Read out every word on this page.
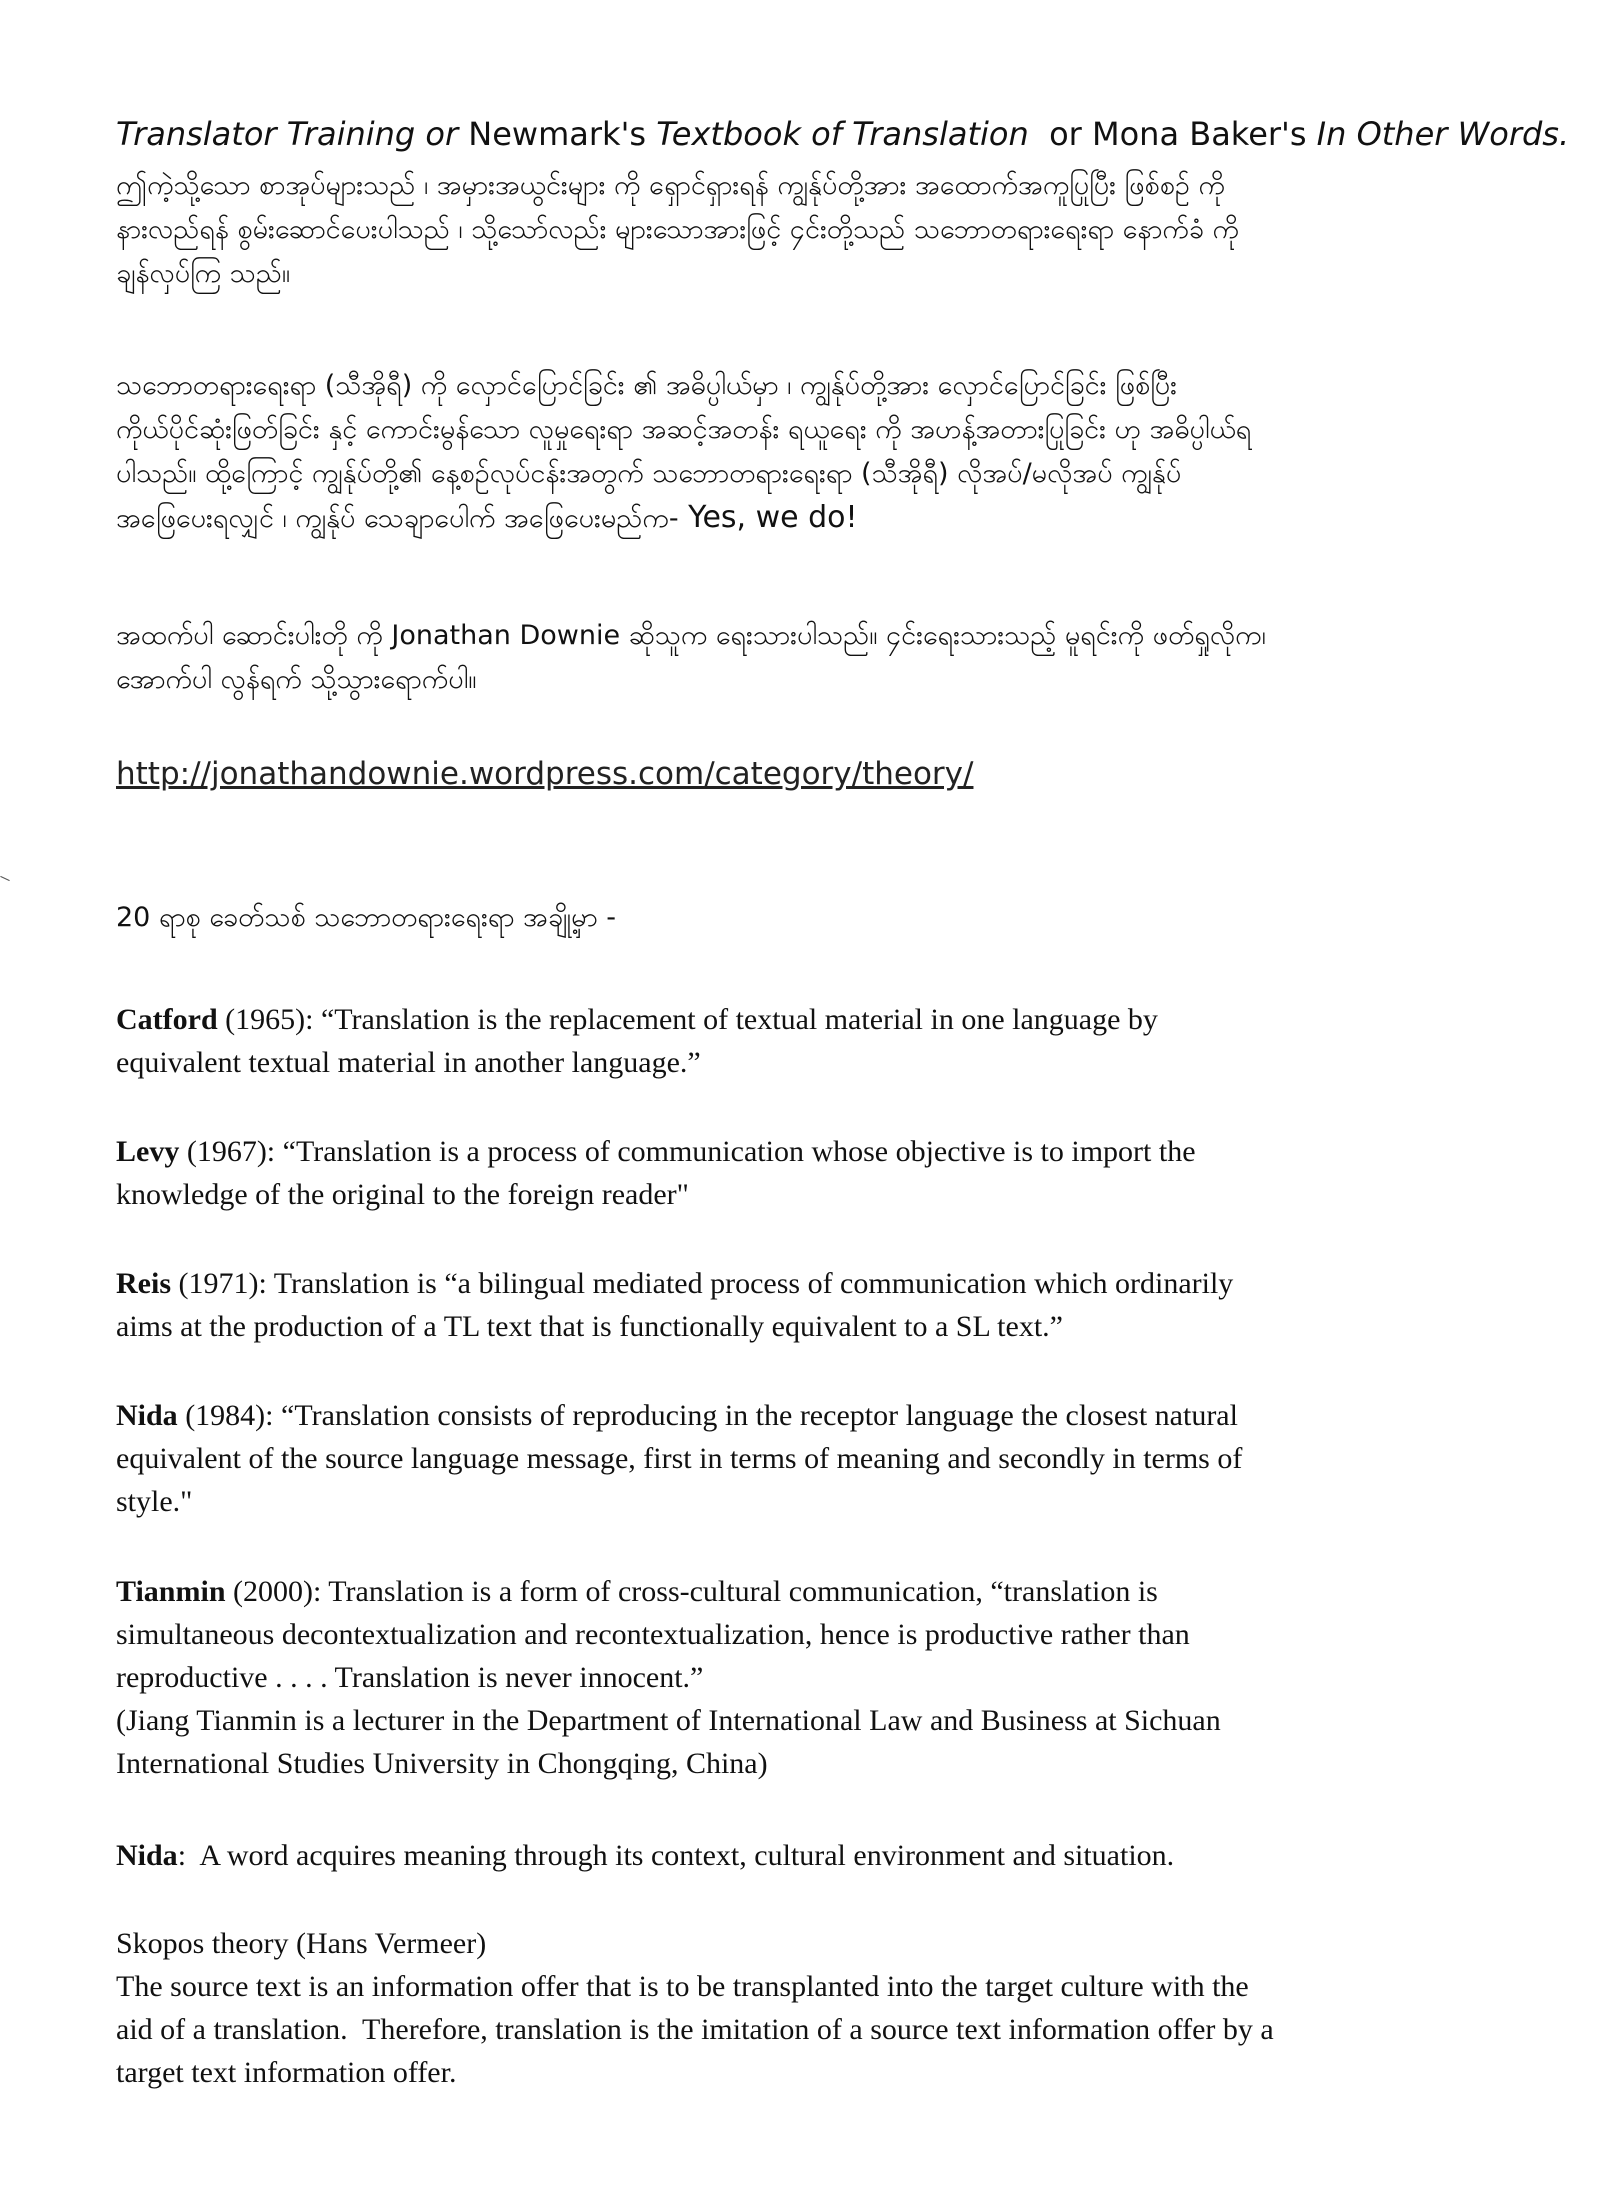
Translator Training or Newmark's Textbook of Translation  or Mona Baker's In Other Words.

ဤကဲ့သို့သော စာအုပ်များသည် ၊ အမှားအယွင်းများ ကို ရှောင်ရှားရန် ကျွန်ုပ်တို့အား အထောက်အကူပြုပြီး ဖြစ်စဉ် ကို
နားလည်ရန် စွမ်းဆောင်ပေးပါသည် ၊ သို့သော်လည်း များသောအားဖြင့် ၄င်းတို့သည် သဘောတရားရေးရာ နောက်ခံ ကို
ချန်လှပ်ကြ သည်။
သဘောတရားရေးရာ (သီအိုရီ) ကို လှောင်ပြောင်ခြင်း ၏ အဓိပ္ပါယ်မှာ ၊ ကျွန်ုပ်တို့အား လှောင်ပြောင်ခြင်း ဖြစ်ပြီး
ကိုယ်ပိုင်ဆုံးဖြတ်ခြင်း နှင့် ကောင်းမွန်သော လူမှုရေးရာ အဆင့်အတန်း ရယူရေး ကို အဟန့်အတားပြုခြင်း ဟု အဓိပ္ပါယ်ရ
ပါသည်။ ထို့ကြောင့် ကျွန်ုပ်တို့၏ နေ့စဉ်လုပ်ငန်းအတွက် သဘောတရားရေးရာ (သီအိုရီ) လိုအပ်/မလိုအပ် ကျွန်ုပ်
အဖြေပေးရလျှင် ၊ ကျွန်ုပ် သေချာပေါက် အဖြေပေးမည်က- Yes, we do!
အထက်ပါ ဆောင်းပါးတို ကို Jonathan Downie ဆိုသူက ရေးသားပါသည်။ ၄င်းရေးသားသည့် မူရင်းကို ဖတ်ရှုလိုက၊
အောက်ပါ လွန်ရက် သို့သွားရောက်ပါ။
http://jonathandownie.wordpress.com/category/theory/
20 ရာစု ခေတ်သစ် သဘောတရားရေးရာ အချို့မှာ -
Catford (1965): “Translation is the replacement of textual material in one language by
equivalent textual material in another language.”
Levy (1967): “Translation is a process of communication whose objective is to import the
knowledge of the original to the foreign reader"
Reis (1971): Translation is “a bilingual mediated process of communication which ordinarily
aims at the production of a TL text that is functionally equivalent to a SL text.”
Nida (1984): “Translation consists of reproducing in the receptor language the closest natural
equivalent of the source language message, first in terms of meaning and secondly in terms of
style."
Tianmin (2000): Translation is a form of cross-cultural communication, “translation is
simultaneous decontextualization and recontextualization, hence is productive rather than
reproductive . . . . Translation is never innocent.”
(Jiang Tianmin is a lecturer in the Department of International Law and Business at Sichuan
International Studies University in Chongqing, China)
Nida:  A word acquires meaning through its context, cultural environment and situation.
Skopos theory (Hans Vermeer)
The source text is an information offer that is to be transplanted into the target culture with the
aid of a translation.  Therefore, translation is the imitation of a source text information offer by a
target text information offer.
